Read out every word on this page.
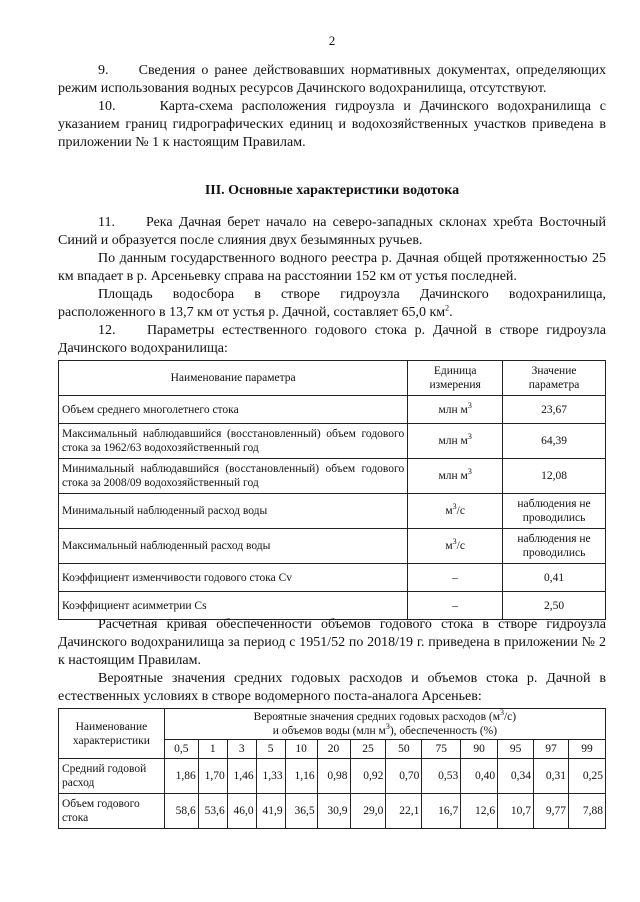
2

9.     Сведения о ранее действовавших нормативных документах, определяющих режим использования водных ресурсов Дачинского водохранилища, отсутствуют.

10.     Карта-схема расположения гидроузла и Дачинского водохранилища с указанием границ гидрографических единиц и водохозяйственных участков приведена в приложении № 1 к настоящим Правилам.

III. Основные характеристики водотока

11.     Река Дачная берет начало на северо-западных склонах хребта Восточный Синий и образуется после слияния двух безымянных ручьев.

По данным государственного водного реестра р. Дачная общей протяженностью 25 км впадает в р. Арсеньевку справа на расстоянии 152 км от устья последней.

Площадь водосбора в створе гидроузла Дачинского водохранилища, расположенного в 13,7 км от устья р. Дачной, составляет 65,0 $км^2$.

12.    Параметры естественного годового стока р. Дачной в створе гидроузла Дачинского водохранилища:

Наименование параметра	Единица измерения	Значение параметра
Объем среднего многолетнего стока	млн $м^3$	23,67
Максимальный наблюдавшийся (восстановленный) объем годового стока за 1962/63 водохозяйственный год	млн $м^3$	64,39
Минимальный наблюдавшийся (восстановленный) объем годового стока за 2008/09 водохозяйственный год	млн $м^3$	12,08
Минимальный наблюденный расход воды	$м^3/с$	наблюдения не проводились
Максимальный наблюденный расход воды	$м^3/с$	наблюдения не проводились
Коэффициент изменчивости годового стока Cv	–	0,41
Коэффициент асимметрии Cs	–	2,50

Расчетная кривая обеспеченности объемов годового стока в створе гидроузла Дачинского водохранилища за период с 1951/52 по 2018/19 г. приведена в приложении № 2 к настоящим Правилам.

Вероятные значения средних годовых расходов и объемов стока р. Дачной в естественных условиях в створе водомерного поста-аналога Арсеньев:

Наименование характеристики	Вероятные значения средних годовых расходов $(м^3/с)$
и объемов воды (млн $м^3$), обеспеченность (%)												
	0,5	1	3	5	10	20	25	50	75	90	95	97	99
Средний годовой расход	1,86	1,70	1,46	1,33	1,16	0,98	0,92	0,70	0,53	0,40	0,34	0,31	0,25
Объем годового стока	58,6	53,6	46,0	41,9	36,5	30,9	29,0	22,1	16,7	12,6	10,7	9,77	7,88
